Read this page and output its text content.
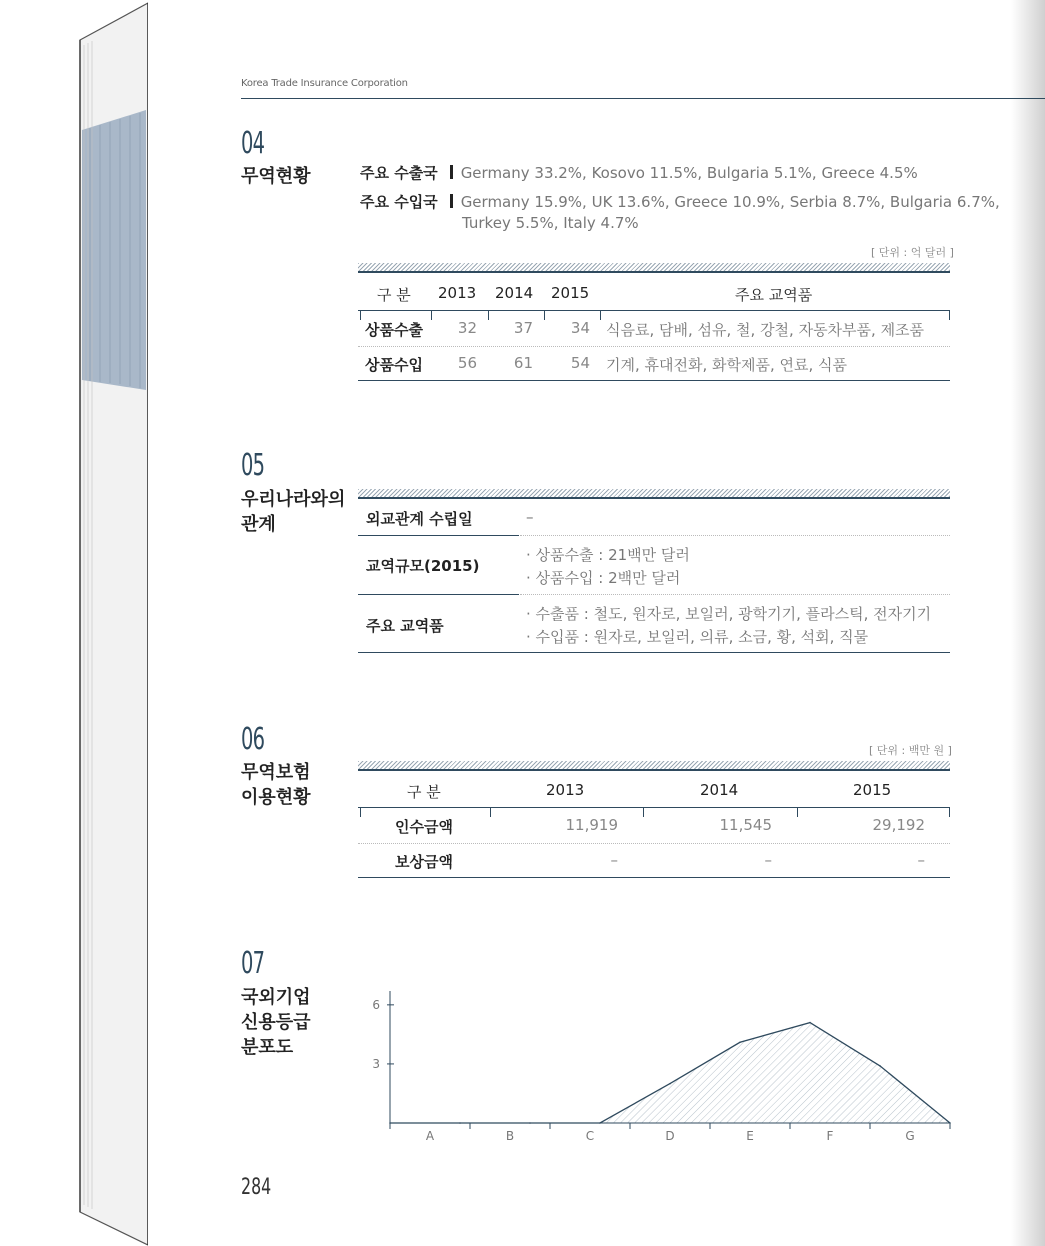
Korea Trade Insurance Corporation
04
무역현황	주요 수출국 Germany 33.2%, Kosovo 11.5%, Bulgaria 5.1%, Greece 4.5%
주요 수입국 Germany 15.9%, UK 13.6%, Greece 10.9%, Serbia 8.7%, Bulgaria 6.7%,
Turkey 5.5%, Italy 4.7%
[ 단위 : 억 달러 ]
구 분 2013 2014 2015	주요 교역품
상품수출	32	37	34 식음료, 담배, 섬유, 철, 강철, 자동차부품, 제조품
상품수입	56	61	54 기계, 휴대전화, 화학제품, 연료, 식품
05
우리나라와의
관계	외교관계 수립일	–
교역규모(2015)
· 상품수출 : 21백만 달러
· 상품수입 : 2백만 달러
주요 교역품
· 수출품 : 철도, 원자로, 보일러, 광학기기, 플라스틱, 전자기기
· 수입품 : 원자로, 보일러, 의류, 소금, 황, 석회, 직물
06
무역보험
이용현황
[ 단위 : 백만 원 ]
구 분	2013	2014	2015
인수금액	11,919	11,545	29,192
보상금액	–	–	–
07
국외기업
신용등급
분포도
3
6
A	B	C	D	E	F	G
284
